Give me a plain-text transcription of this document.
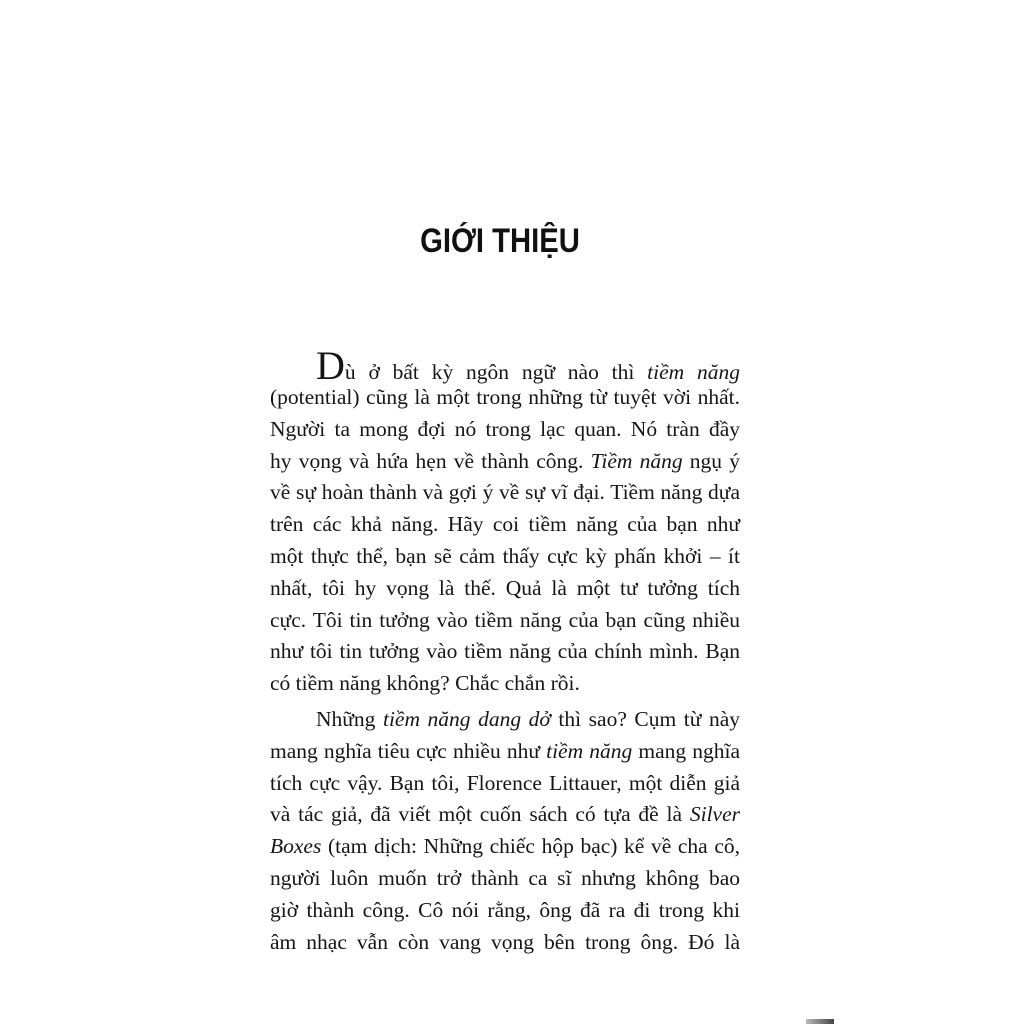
GIỚI THIỆU
Dù ở bất kỳ ngôn ngữ nào thì tiềm năng
(potential) cũng là một trong những từ tuyệt vời nhất.
Người ta mong đợi nó trong lạc quan. Nó tràn đầy
hy vọng và hứa hẹn về thành công. Tiềm năng ngụ ý
về sự hoàn thành và gợi ý về sự vĩ đại. Tiềm năng dựa
trên các khả năng. Hãy coi tiềm năng của bạn như
một thực thể, bạn sẽ cảm thấy cực kỳ phấn khởi – ít
nhất, tôi hy vọng là thế. Quả là một tư tưởng tích
cực. Tôi tin tưởng vào tiềm năng của bạn cũng nhiều
như tôi tin tưởng vào tiềm năng của chính mình. Bạn
có tiềm năng không? Chắc chắn rồi.
Những tiềm năng dang dở thì sao? Cụm từ này
mang nghĩa tiêu cực nhiều như tiềm năng mang nghĩa
tích cực vậy. Bạn tôi, Florence Littauer, một diễn giả
và tác giả, đã viết một cuốn sách có tựa đề là Silver
Boxes (tạm dịch: Những chiếc hộp bạc) kể về cha cô,
người luôn muốn trở thành ca sĩ nhưng không bao
giờ thành công. Cô nói rằng, ông đã ra đi trong khi
âm nhạc vẫn còn vang vọng bên trong ông. Đó là
